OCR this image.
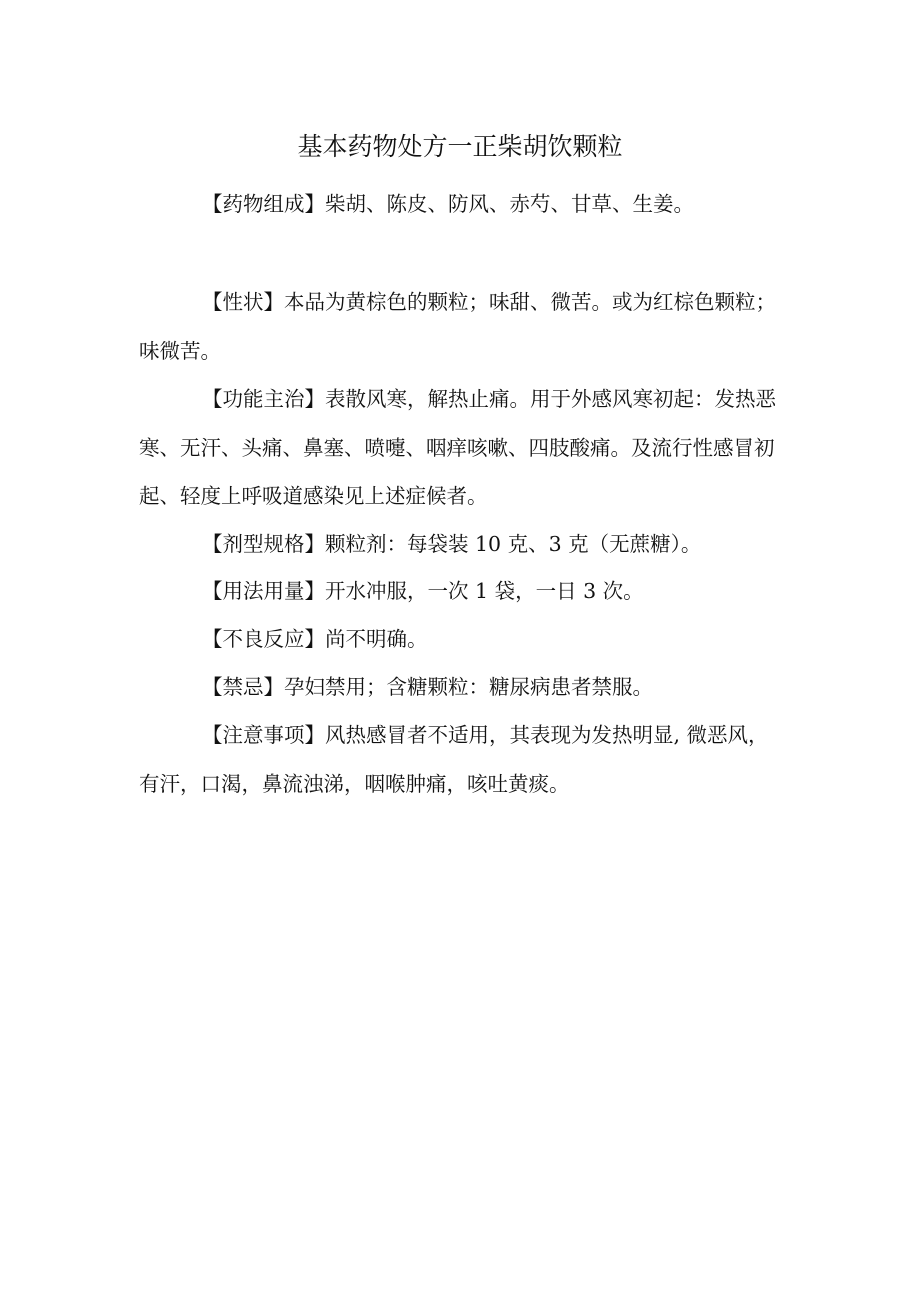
基本药物处方一正柴胡饮颗粒

【药物组成】柴胡、陈皮、防风、赤芍、甘草、生姜。

【性状】本品为黄棕色的颗粒；味甜、微苦。或为红棕色颗粒；味微苦。

【功能主治】表散风寒，解热止痛。用于外感风寒初起：发热恶寒、无汗、头痛、鼻塞、喷嚏、咽痒咳嗽、四肢酸痛。及流行性感冒初起、轻度上呼吸道感染见上述症候者。

【剂型规格】颗粒剂：每袋装 10 克、3 克（无蔗糖）。

【用法用量】开水冲服，一次 1 袋，一日 3 次。

【不良反应】尚不明确。

【禁忌】孕妇禁用；含糖颗粒：糖尿病患者禁服。

【注意事项】风热感冒者不适用，其表现为发热明显, 微恶风，有汗，口渴，鼻流浊涕，咽喉肿痛，咳吐黄痰。
